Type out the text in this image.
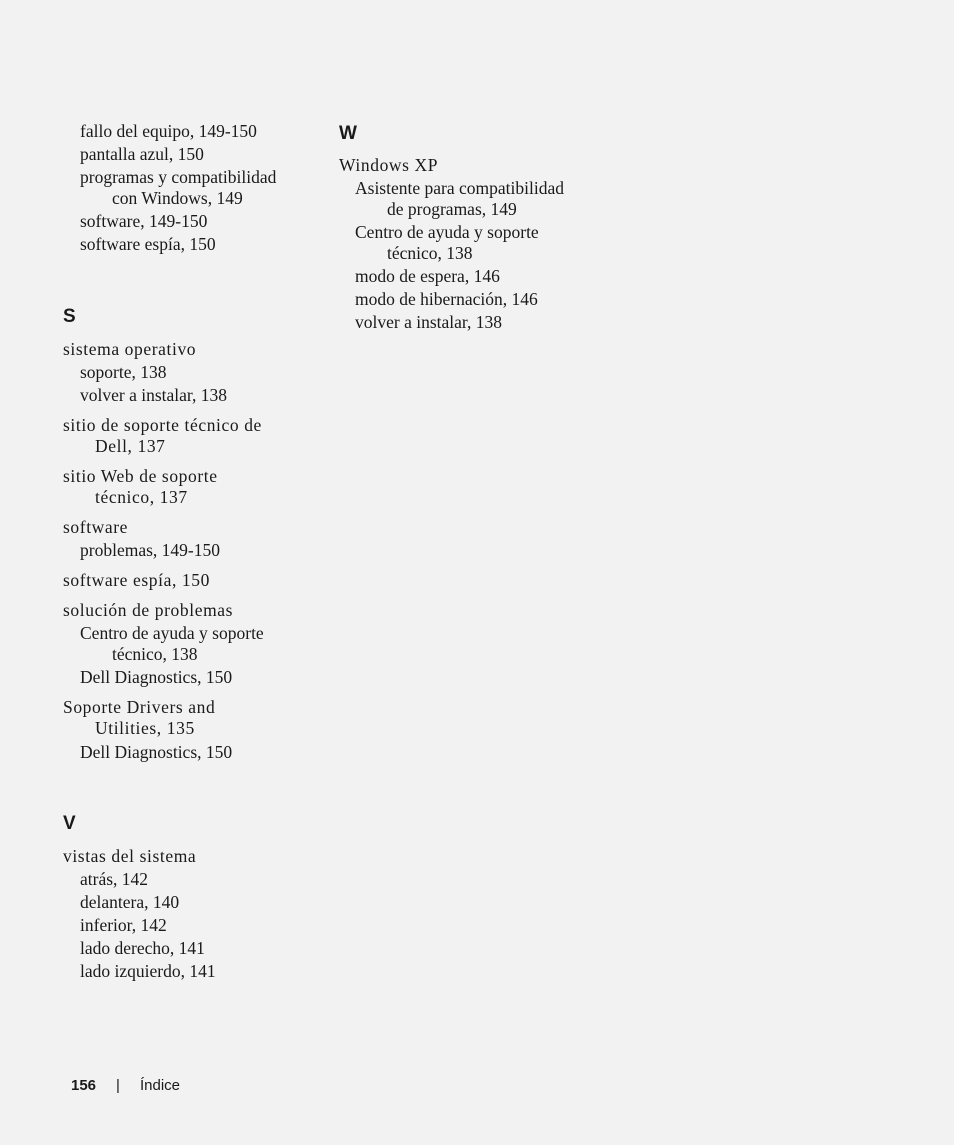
fallo del equipo, 149-150
pantalla azul, 150
programas y compatibilidad
con Windows, 149
software, 149-150
software espía, 150
S
sistema operativo
soporte, 138
volver a instalar, 138
sitio de soporte técnico de
Dell, 137
sitio Web de soporte
técnico, 137
software
problemas, 149-150
software espía, 150
solución de problemas
Centro de ayuda y soporte
técnico, 138
Dell Diagnostics, 150
Soporte Drivers and
Utilities, 135
Dell Diagnostics, 150
V
vistas del sistema
atrás, 142
delantera, 140
inferior, 142
lado derecho, 141
lado izquierdo, 141
W
Windows XP
Asistente para compatibilidad
de programas, 149
Centro de ayuda y soporte
técnico, 138
modo de espera, 146
modo de hibernación, 146
volver a instalar, 138
156 | Índice
